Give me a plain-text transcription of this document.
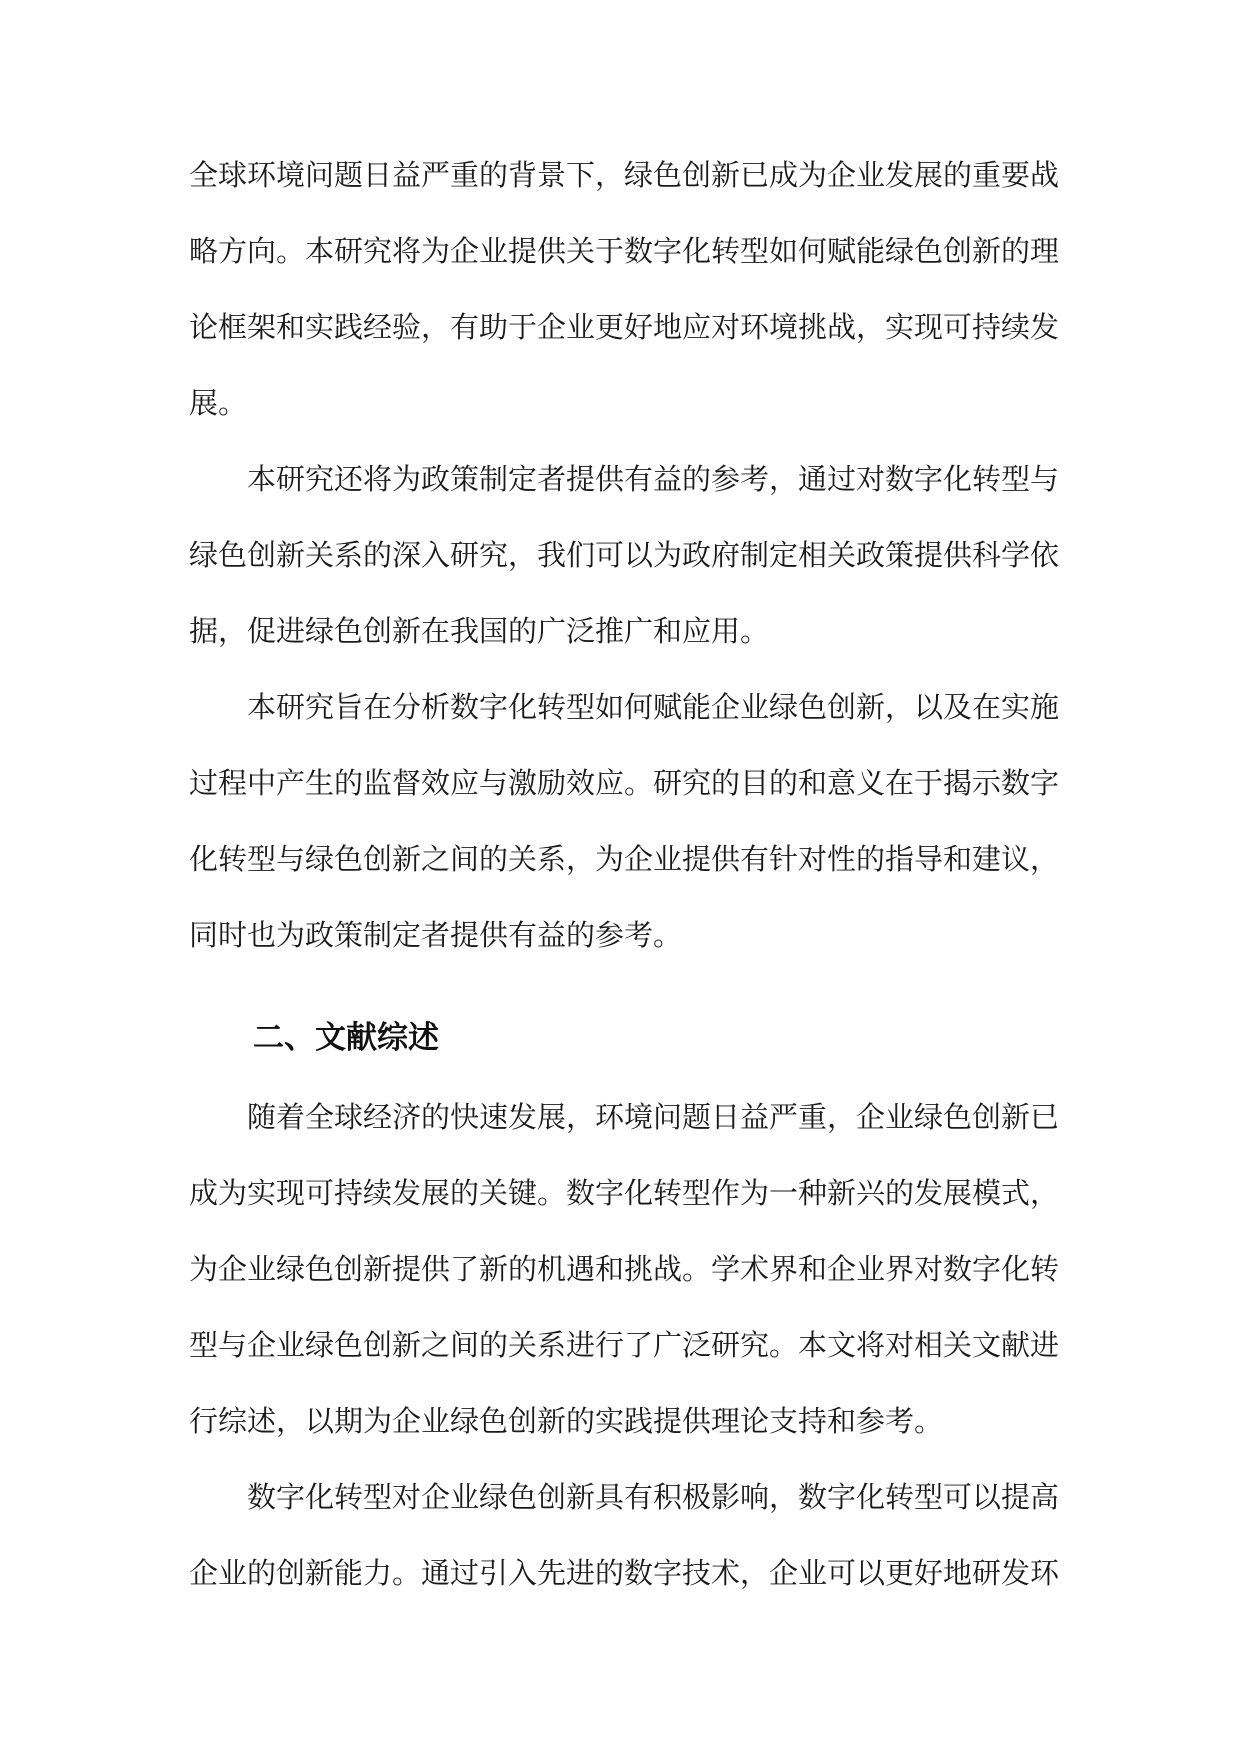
全球环境问题日益严重的背景下，绿色创新已成为企业发展的重要战
略方向。本研究将为企业提供关于数字化转型如何赋能绿色创新的理
论框架和实践经验，有助于企业更好地应对环境挑战，实现可持续发
展。
本研究还将为政策制定者提供有益的参考，通过对数字化转型与
绿色创新关系的深入研究，我们可以为政府制定相关政策提供科学依
据，促进绿色创新在我国的广泛推广和应用。
本研究旨在分析数字化转型如何赋能企业绿色创新，以及在实施
过程中产生的监督效应与激励效应。研究的目的和意义在于揭示数字
化转型与绿色创新之间的关系，为企业提供有针对性的指导和建议，
同时也为政策制定者提供有益的参考。
二、文献综述
随着全球经济的快速发展，环境问题日益严重，企业绿色创新已
成为实现可持续发展的关键。数字化转型作为一种新兴的发展模式，
为企业绿色创新提供了新的机遇和挑战。学术界和企业界对数字化转
型与企业绿色创新之间的关系进行了广泛研究。本文将对相关文献进
行综述，以期为企业绿色创新的实践提供理论支持和参考。
数字化转型对企业绿色创新具有积极影响，数字化转型可以提高
企业的创新能力。通过引入先进的数字技术，企业可以更好地研发环
